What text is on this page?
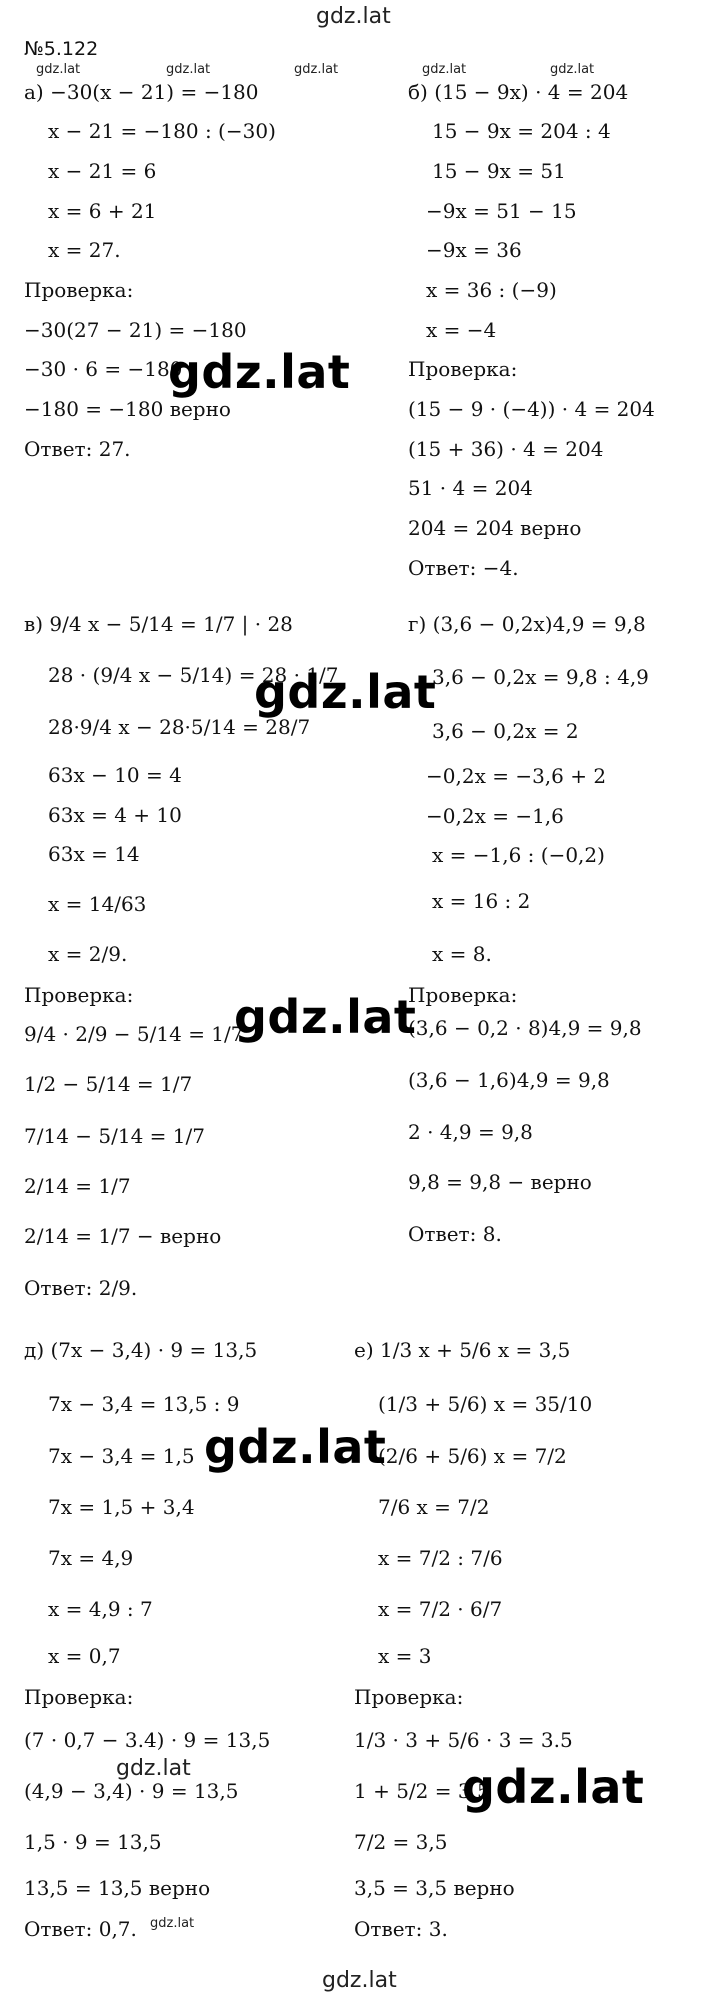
gdz.lat
№5.122
gdz.lat	gdz.lat	gdz.lat	gdz.lat	gdz.lat
а) −30(x − 21) = −180
x − 21 = −180 : (−30)
x − 21 = 6
x = 6 + 21
x = 27.
Проверка:
−30(27 − 21) = −180
−30 · 6 = −180
−180 = −180 верно
Ответ: 27.
б) (15 − 9x) · 4 = 204
15 − 9x = 204 : 4
15 − 9x = 51
−9x = 51 − 15
−9x = 36
x = 36 : (−9)
x = −4
Проверка:
(15 − 9 · (−4)) · 4 = 204
(15 + 36) · 4 = 204
51 · 4 = 204
204 = 204 верно
Ответ: −4.
gdz.lat
в) 9/4 x − 5/14 = 1/7 | · 28
28 · (9/4 x − 5/14) = 28 · 1/7
28·9/4 x − 28·5/14 = 28/7
63x − 10 = 4
63x = 4 + 10
63x = 14
x = 14/63
x = 2/9.
Проверка:
9/4 · 2/9 − 5/14 = 1/7
1/2 − 5/14 = 1/7
7/14 − 5/14 = 1/7
2/14 = 1/7
2/14 = 1/7 − верно
Ответ: 2/9.
г) (3,6 − 0,2x)4,9 = 9,8
3,6 − 0,2x = 9,8 : 4,9
3,6 − 0,2x = 2
−0,2x = −3,6 + 2
−0,2x = −1,6
x = −1,6 : (−0,2)
x = 16 : 2
x = 8.
Проверка:
(3,6 − 0,2 · 8)4,9 = 9,8
(3,6 − 1,6)4,9 = 9,8
2 · 4,9 = 9,8
9,8 = 9,8 − верно
Ответ: 8.
gdz.lat
gdz.lat
д) (7x − 3,4) · 9 = 13,5
7x − 3,4 = 13,5 : 9
7x − 3,4 = 1,5
7x = 1,5 + 3,4
7x = 4,9
x = 4,9 : 7
x = 0,7
Проверка:
(7 · 0,7 − 3.4) · 9 = 13,5
(4,9 − 3,4) · 9 = 13,5
1,5 · 9 = 13,5
13,5 = 13,5 верно
Ответ: 0,7.
е) 1/3 x + 5/6 x = 3,5
(1/3 + 5/6) x = 35/10
(2/6 + 5/6) x = 7/2
7/6 x = 7/2
x = 7/2 : 7/6
x = 7/2 · 6/7
x = 3
Проверка:
1/3 · 3 + 5/6 · 3 = 3.5
1 + 5/2 = 3,5
7/2 = 3,5
3,5 = 3,5 верно
Ответ: 3.
gdz.lat
gdz.lat
gdz.lat
gdz.lat
gdz.lat
